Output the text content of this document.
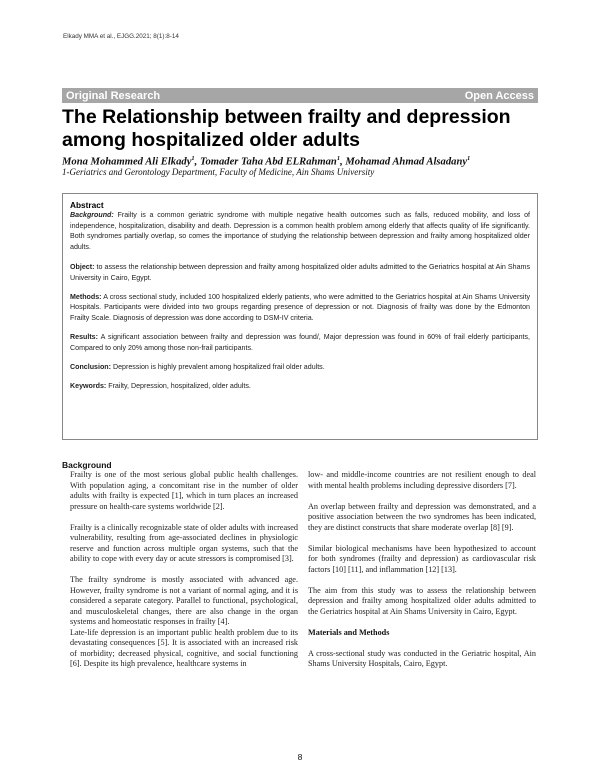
Elkady MMA et al., EJGG.2021; 8(1):8-14
Original Research	Open Access
The Relationship between frailty and depression among hospitalized older adults
Mona Mohammed Ali Elkady$^1$, Tomader Taha Abd ELRahman$^1$, Mohamad Ahmad Alsadany$^1$
1-Geriatrics and Gerontology Department, Faculty of Medicine, Ain Shams University
Abstract

Background: Frailty is a common geriatric syndrome with multiple negative health outcomes such as falls, reduced mobility, and loss of independence, hospitalization, disability and death. Depression is a common health problem among elderly that affects quality of life significantly. Both syndromes partially overlap, so comes the importance of studying the relationship between depression and frailty among hospitalized older adults.

Object: to assess the relationship between depression and frailty among hospitalized older adults admitted to the Geriatrics hospital at Ain Shams University in Cairo, Egypt.

Methods: A cross sectional study, included 100 hospitalized elderly patients, who were admitted to the Geriatrics hospital at Ain Shams University Hospitals. Participants were divided into two groups regarding presence of depression or not. Diagnosis of frailty was done by the Edmonton Frailty Scale. Diagnosis of depression was done according to DSM-IV criteria.

Results: A significant association between frailty and depression was found/, Major depression was found in 60% of frail elderly participants, Compared to only 20% among those non-frail participants.

Conclusion: Depression is highly prevalent among hospitalized frail older adults.

Keywords: Frailty, Depression, hospitalized, older adults.

Background

Frailty is one of the most serious global public health challenges. With population aging, a concomitant rise in the number of older adults with frailty is expected [1], which in turn places an increased pressure on health-care systems worldwide [2].

Frailty is a clinically recognizable state of older adults with increased vulnerability, resulting from age-associated declines in physiologic reserve and function across multiple organ systems, such that the ability to cope with every day or acute stressors is compromised [3].

The frailty syndrome is mostly associated with advanced age. However, frailty syndrome is not a variant of normal aging, and it is considered a separate category. Parallel to functional, psychological, and musculoskeletal changes, there are also change in the organ systems and homeostatic responses in frailty [4].

Late-life depression is an important public health problem due to its devastating consequences [5]. It is associated with an increased risk of morbidity; decreased physical, cognitive, and social functioning [6]. Despite its high prevalence, healthcare systems in

low- and middle-income countries are not resilient enough to deal with mental health problems including depressive disorders [7].

An overlap between frailty and depression was demonstrated, and a positive association between the two syndromes has been indicated, they are distinct constructs that share moderate overlap [8] [9].

Similar biological mechanisms have been hypothesized to account for both syndromes (frailty and depression) as cardiovascular risk factors [10] [11], and inflammation [12] [13].

The aim from this study was to assess the relationship between depression and frailty among hospitalized older adults admitted to the Geriatrics hospital at Ain Shams University in Cairo, Egypt.

Materials and Methods

A cross-sectional study was conducted in the Geriatric hospital, Ain Shams University Hospitals, Cairo, Egypt.

8
